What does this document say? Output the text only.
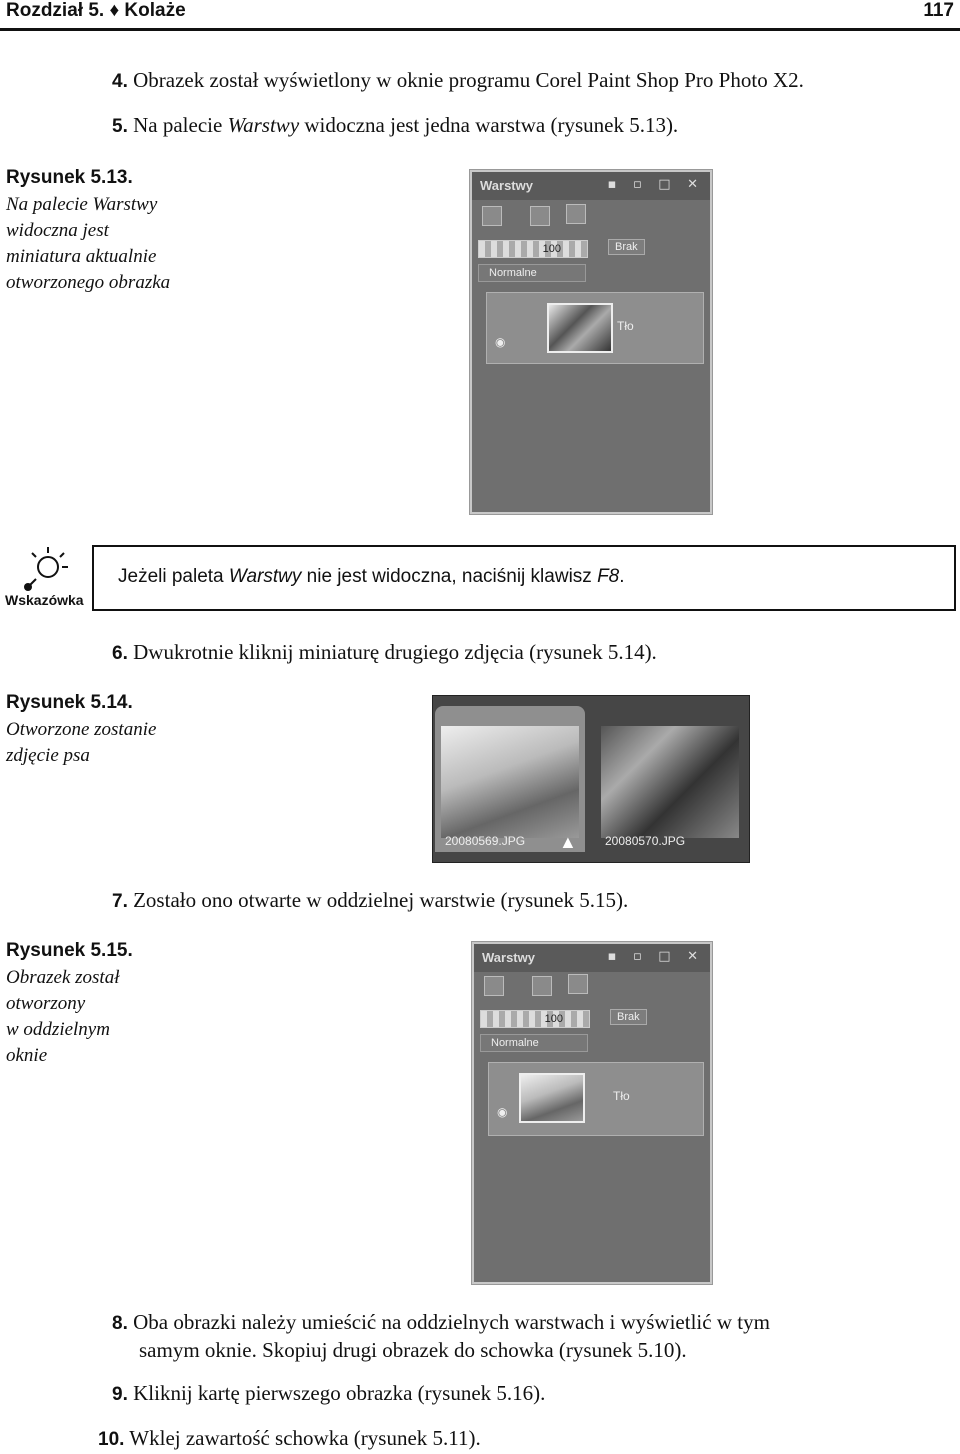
Rozdział 5. ♦ Kolaże	117
4. Obrazek został wyświetlony w oknie programu Corel Paint Shop Pro Photo X2.
5. Na palecie Warstwy widoczna jest jedna warstwa (rysunek 5.13).
Rysunek 5.13.
Na palecie Warstwy
widoczna jest
miniatura aktualnie
otworzonego obrazka
Warstwy	▪ ▫ □ ✕
100	Brak
Normalne
Tło
◉
Wskazówka
Jeżeli paleta Warstwy nie jest widoczna, naciśnij klawisz F8.
6. Dwukrotnie kliknij miniaturę drugiego zdjęcia (rysunek 5.14).
Rysunek 5.14.
Otworzone zostanie
zdjęcie psa
20080569.JPG ▲ 20080570.JPG
7. Zostało ono otwarte w oddzielnej warstwie (rysunek 5.15).
Rysunek 5.15.
Obrazek został
otworzony
w oddzielnym
oknie
Warstwy	▪ ▫ □ ✕
100	Brak
Normalne
Tło
◉
8. Oba obrazki należy umieścić na oddzielnych warstwach i wyświetlić w tym
samym oknie. Skopiuj drugi obrazek do schowka (rysunek 5.10).
9. Kliknij kartę pierwszego obrazka (rysunek 5.16).
10. Wklej zawartość schowka (rysunek 5.11).
